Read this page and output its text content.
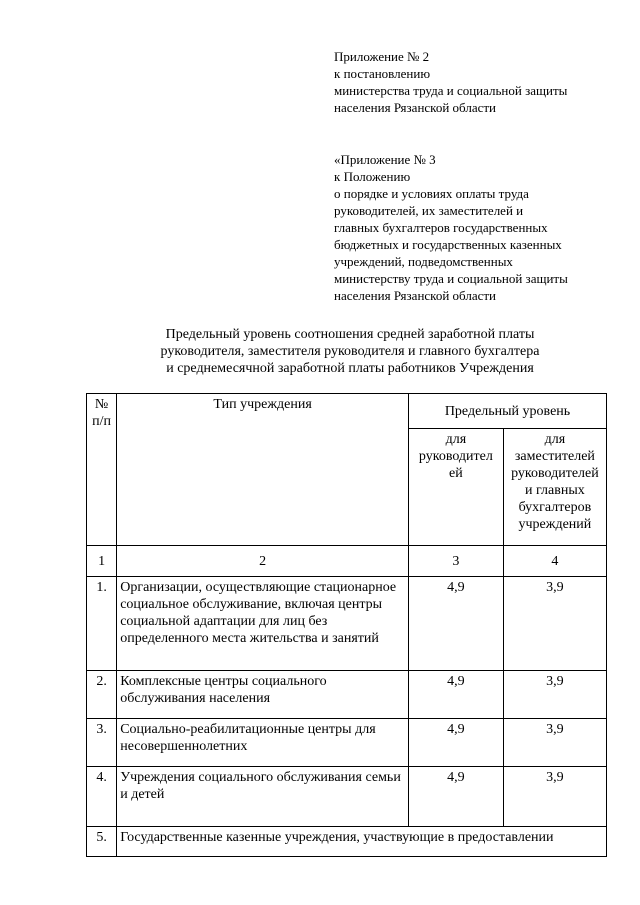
Приложение № 2
к постановлению
министерства труда и социальной защиты
населения Рязанской области
«Приложение № 3
к Положению
о порядке и условиях оплаты труда
руководителей, их заместителей и
главных бухгалтеров государственных
бюджетных и государственных казенных
учреждений, подведомственных
министерству труда и социальной защиты
населения Рязанской области
Предельный уровень соотношения средней заработной платы
руководителя, заместителя руководителя и главного бухгалтера
и среднемесячной заработной платы работников Учреждения
№ п/п	Тип учреждения	Предельный уровень	
		для руководител ей	для заместителей руководителей и главных бухгалтеров учреждений
1	2	3	4
1.	Организации, осуществляющие стационарное социальное обслуживание, включая центры социальной адаптации для лиц без определенного места жительства и занятий	4,9	3,9
2.	Комплексные центры социального обслуживания населения	4,9	3,9
3.	Социально-реабилитационные центры для несовершеннолетних	4,9	3,9
4.	Учреждения социального обслуживания семьи и детей	4,9	3,9
5.	Государственные казенные учреждения, участвующие в предоставлении		
